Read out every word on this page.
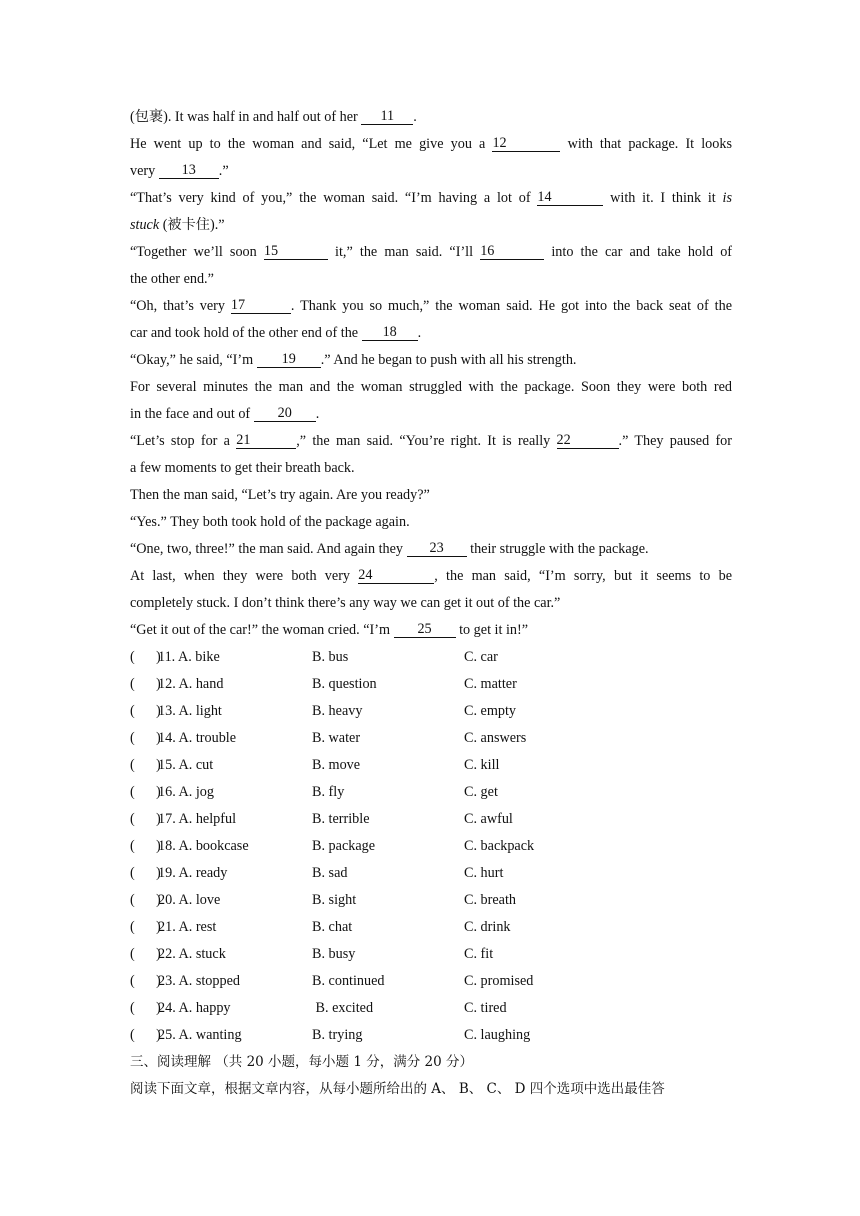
(包裹). It was half in and half out of her 11 .
He went up to the woman and said, “Let me give you a 12	with that package. It looks
very 13 .”
“That’s very kind of you,” the woman said. “I’m having a lot of 14	with it. I think it is
stuck (被卡住).”
“Together we’ll soon 15	it,” the man said. “I’ll 16	into the car and take hold of
the other end.”
“Oh, that’s very 17	. Thank you so much,” the woman said. He got into the back seat of the
car and took hold of the other end of the 18 .
“Okay,” he said, “I’m 19 .” And he began to push with all his strength.
For several minutes the man and the woman struggled with the package. Soon they were both red
in the face and out of 20 .
“Let’s stop for a 21	,” the man said. “You’re right. It is really 22	.” They paused for
a few moments to get their breath back.
Then the man said, “Let’s try again. Are you ready?”
“Yes.” They both took hold of the package again.
“One, two, three!” the man said. And again they 23 their struggle with the package.
At last, when they were both very 24	, the man said, “I’m sorry, but it seems to be
completely stuck. I don’t think there’s any way we can get it out of the car.”
“Get it out of the car!” the woman cried. “I’m 25 to get it in!”
(      )
11. A. bike	B. bus	C. car
(      )
12. A. hand	B. question	C. matter
(      )
13. A. light	B. heavy	C. empty
(      )
14. A. trouble	B. water	C. answers
(      )
15. A. cut	B. move	C. kill
(      )
16. A. jog	B. fly	C. get
(      )
17. A. helpful	B. terrible	C. awful
(      )
18. A. bookcase	B. package	C. backpack
(      )
19. A. ready	B. sad	C. hurt
(      )
20. A. love	B. sight	C. breath
(      )
21. A. rest	B. chat	C. drink
(      )
22. A. stuck	B. busy	C. fit
(      )
23. A. stopped	B. continued	C. promised
(      )
24. A. happy	B. excited	C. tired
(      )
25. A. wanting	B. trying	C. laughing
三、阅读理解 （共 20 小题，每小题 1 分，满分 20 分）
阅读下面文章，根据文章内容，从每小题所给出的 A、 B、 C、 D 四个选项中选出最佳答
